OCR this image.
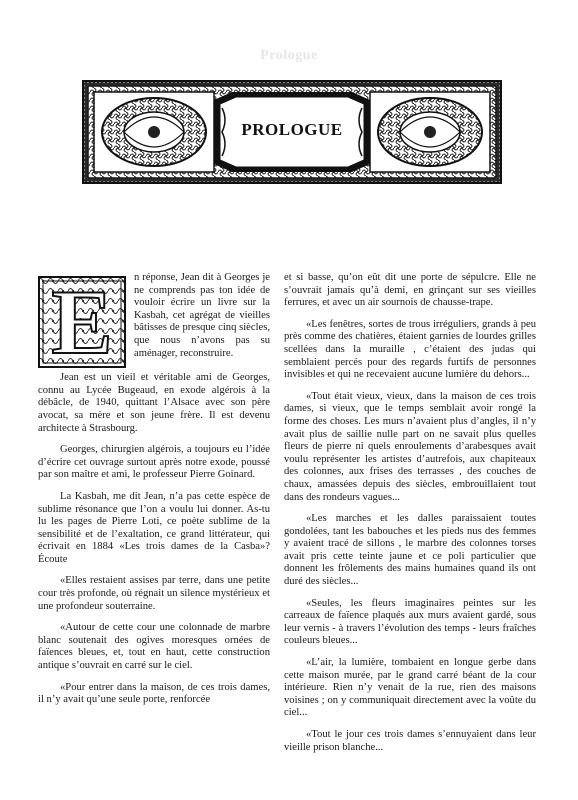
Prologue
PROLOGUE
E	n réponse, Jean dit à Georges je ne comprends pas ton idée de vouloir écrire un livre sur la Kasbah, cet agrégat de vieilles bâtisses de presque cinq siècles, que nous n’avons pas su aménager, reconstruire.

Jean est un vieil et véritable ami de Georges, connu au Lycée Bugeaud, en exode algérois à la débâcle, de 1940, quittant l’Alsace avec son père avocat, sa mère et son jeune frère. Il est devenu architecte à Strasbourg.

Georges, chirurgien algérois, a toujours eu l’idée d’écrire cet ouvrage surtout après notre exode, poussé par son maître et ami, le professeur Pierre Goinard.

La Kasbah, me dit Jean, n’a pas cette espèce de sublime résonance que l’on a voulu lui donner. As-tu lu les pages de Pierre Loti, ce poète sublime de la sensibilité et de l’exaltation, ce grand littérateur, qui écrivait en 1884 «Les trois dames de la Casba»? Écoute

«Elles restaient assises par terre, dans une petite cour très profonde, où régnait un silence mystérieux et une profondeur souterraine.

«Autour de cette cour une colonnade de marbre blanc soutenait des ogives moresques ornées de faïences bleues, et, tout en haut, cette construction antique s’ouvrait en carré sur le ciel.

«Pour entrer dans la maison, de ces trois dames, il n’y avait qu’une seule porte, renforcée

et si basse, qu’on eût dit une porte de sépulcre. Elle ne s’ouvrait jamais qu’à demi, en grinçant sur ses vieilles ferrures, et avec un air sournois de chausse-trape.

«Les fenêtres, sortes de trous irréguliers, grands à peu près comme des chatières, étaient garnies de lourdes grilles scellées dans la muraille , c’étaient des judas qui semblaient percés pour des regards furtifs de personnes invisibles et qui ne recevaient aucune lumière du dehors...

«Tout était vieux, vieux, dans la maison de ces trois dames, si vieux, que le temps semblait avoir rongé la forme des choses. Les murs n’avaient plus d’angles, il n’y avait plus de saillie nulle part on ne savait plus quelles fleurs de pierre ni quels enroulements d’arabesques avait voulu représenter les artistes d’autrefois, aux chapiteaux des colonnes, aux frises des terrasses , des couches de chaux, amassées depuis des siècles, embrouillaient tout dans des rondeurs vagues...

«Les marches et les dalles paraissaient toutes gondolées, tant les babouches et les pieds nus des femmes y avaient tracé de sillons , le marbre des colonnes torses avait pris cette teinte jaune et ce poli particulier que donnent les frôlements des mains humaines quand ils ont duré des siècles...

«Seules, les fleurs imaginaires peintes sur les carreaux de faïence plaqués aux murs avaient gardé, sous leur vernis - à travers l’évolution des temps - leurs fraîches couleurs bleues...

«L’air, la lumière, tombaient en longue gerbe dans cette maison murée, par le grand carré béant de la cour intérieure. Rien n’y venait de la rue, rien des maisons voisines ; on y communiquait directement avec la voûte du ciel...

«Tout le jour ces trois dames s’ennuyaient dans leur vieille prison blanche...
